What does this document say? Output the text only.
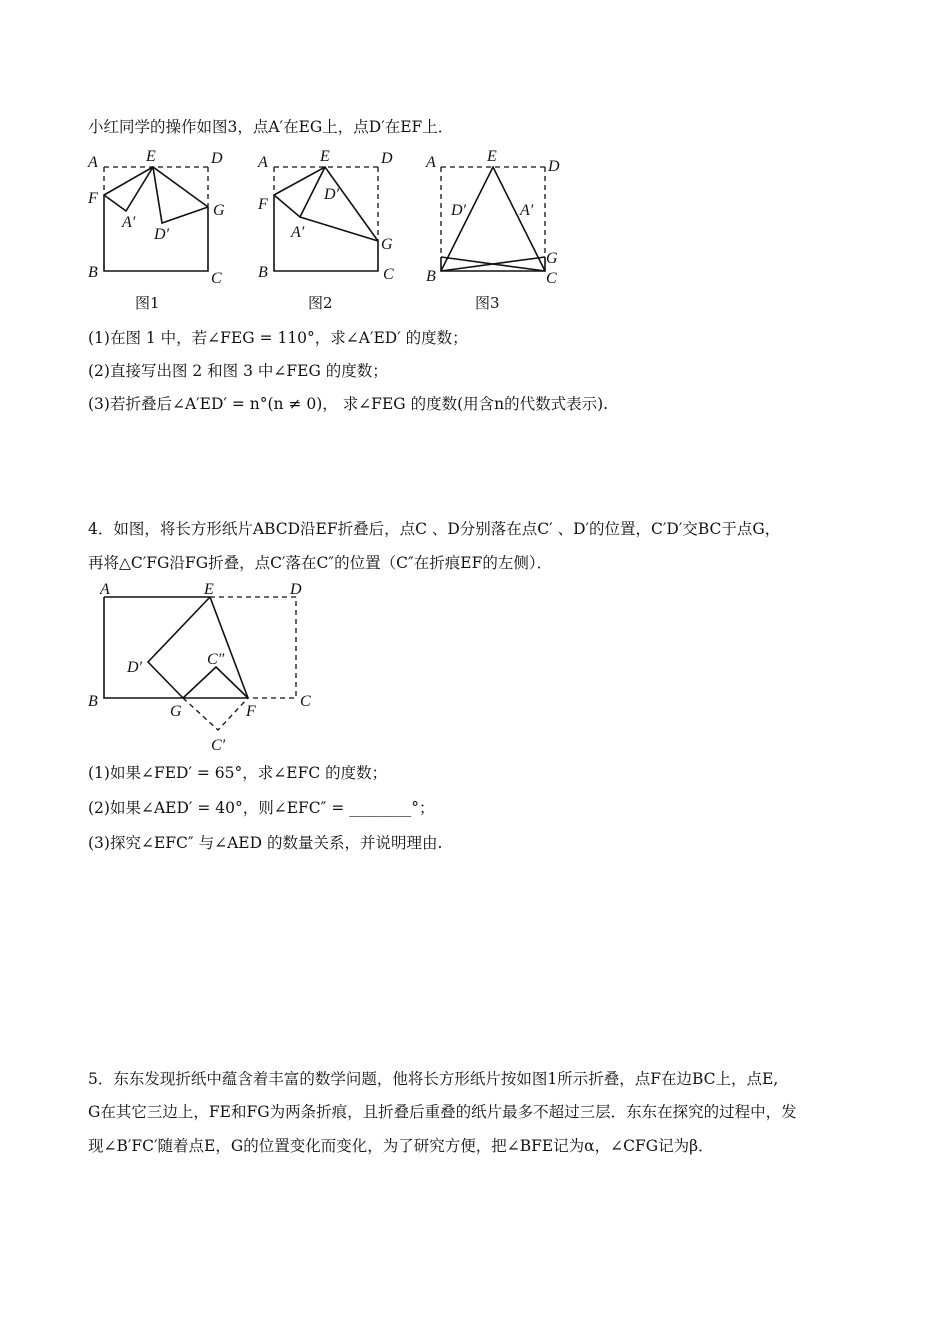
小红同学的操作如图3，点A′在EG上，点D′在EF上．
A	E	D
F
A′
D′
G
B	C
图1
A	E	D
F
D′
A′
G
B	C
图2
A	E
D
D′	A′
G
B	C
图3
(1)在图 1 中，若∠FEG = 110°，求∠A′ED′ 的度数；
(2)直接写出图 2 和图 3 中∠FEG 的度数；
(3)若折叠后∠A′ED′ = n°(n ≠ 0)， 求∠FEG 的度数(用含n的代数式表示).
4．如图，将长方形纸片ABCD沿EF折叠后，点C 、D分别落在点C′ 、D′的位置，C′D′交BC于点G，
再将△C′FG沿FG折叠，点C′落在C″的位置（C″在折痕EF的左侧）．
A	E	D
D′	C″
B
G	F
C
C′
(1)如果∠FED′ = 65°，求∠EFC 的度数；
(2)如果∠AED′ = 40°，则∠EFC″ = ________°；
(3)探究∠EFC″ 与∠AED 的数量关系，并说明理由.
5．东东发现折纸中蕴含着丰富的数学问题，他将长方形纸片按如图1所示折叠，点F在边BC上，点E,
G在其它三边上，FE和FG为两条折痕，且折叠后重叠的纸片最多不超过三层．东东在探究的过程中，发
现∠B′FC′随着点E，G的位置变化而变化，为了研究方便，把∠BFE记为α，∠CFG记为β．
